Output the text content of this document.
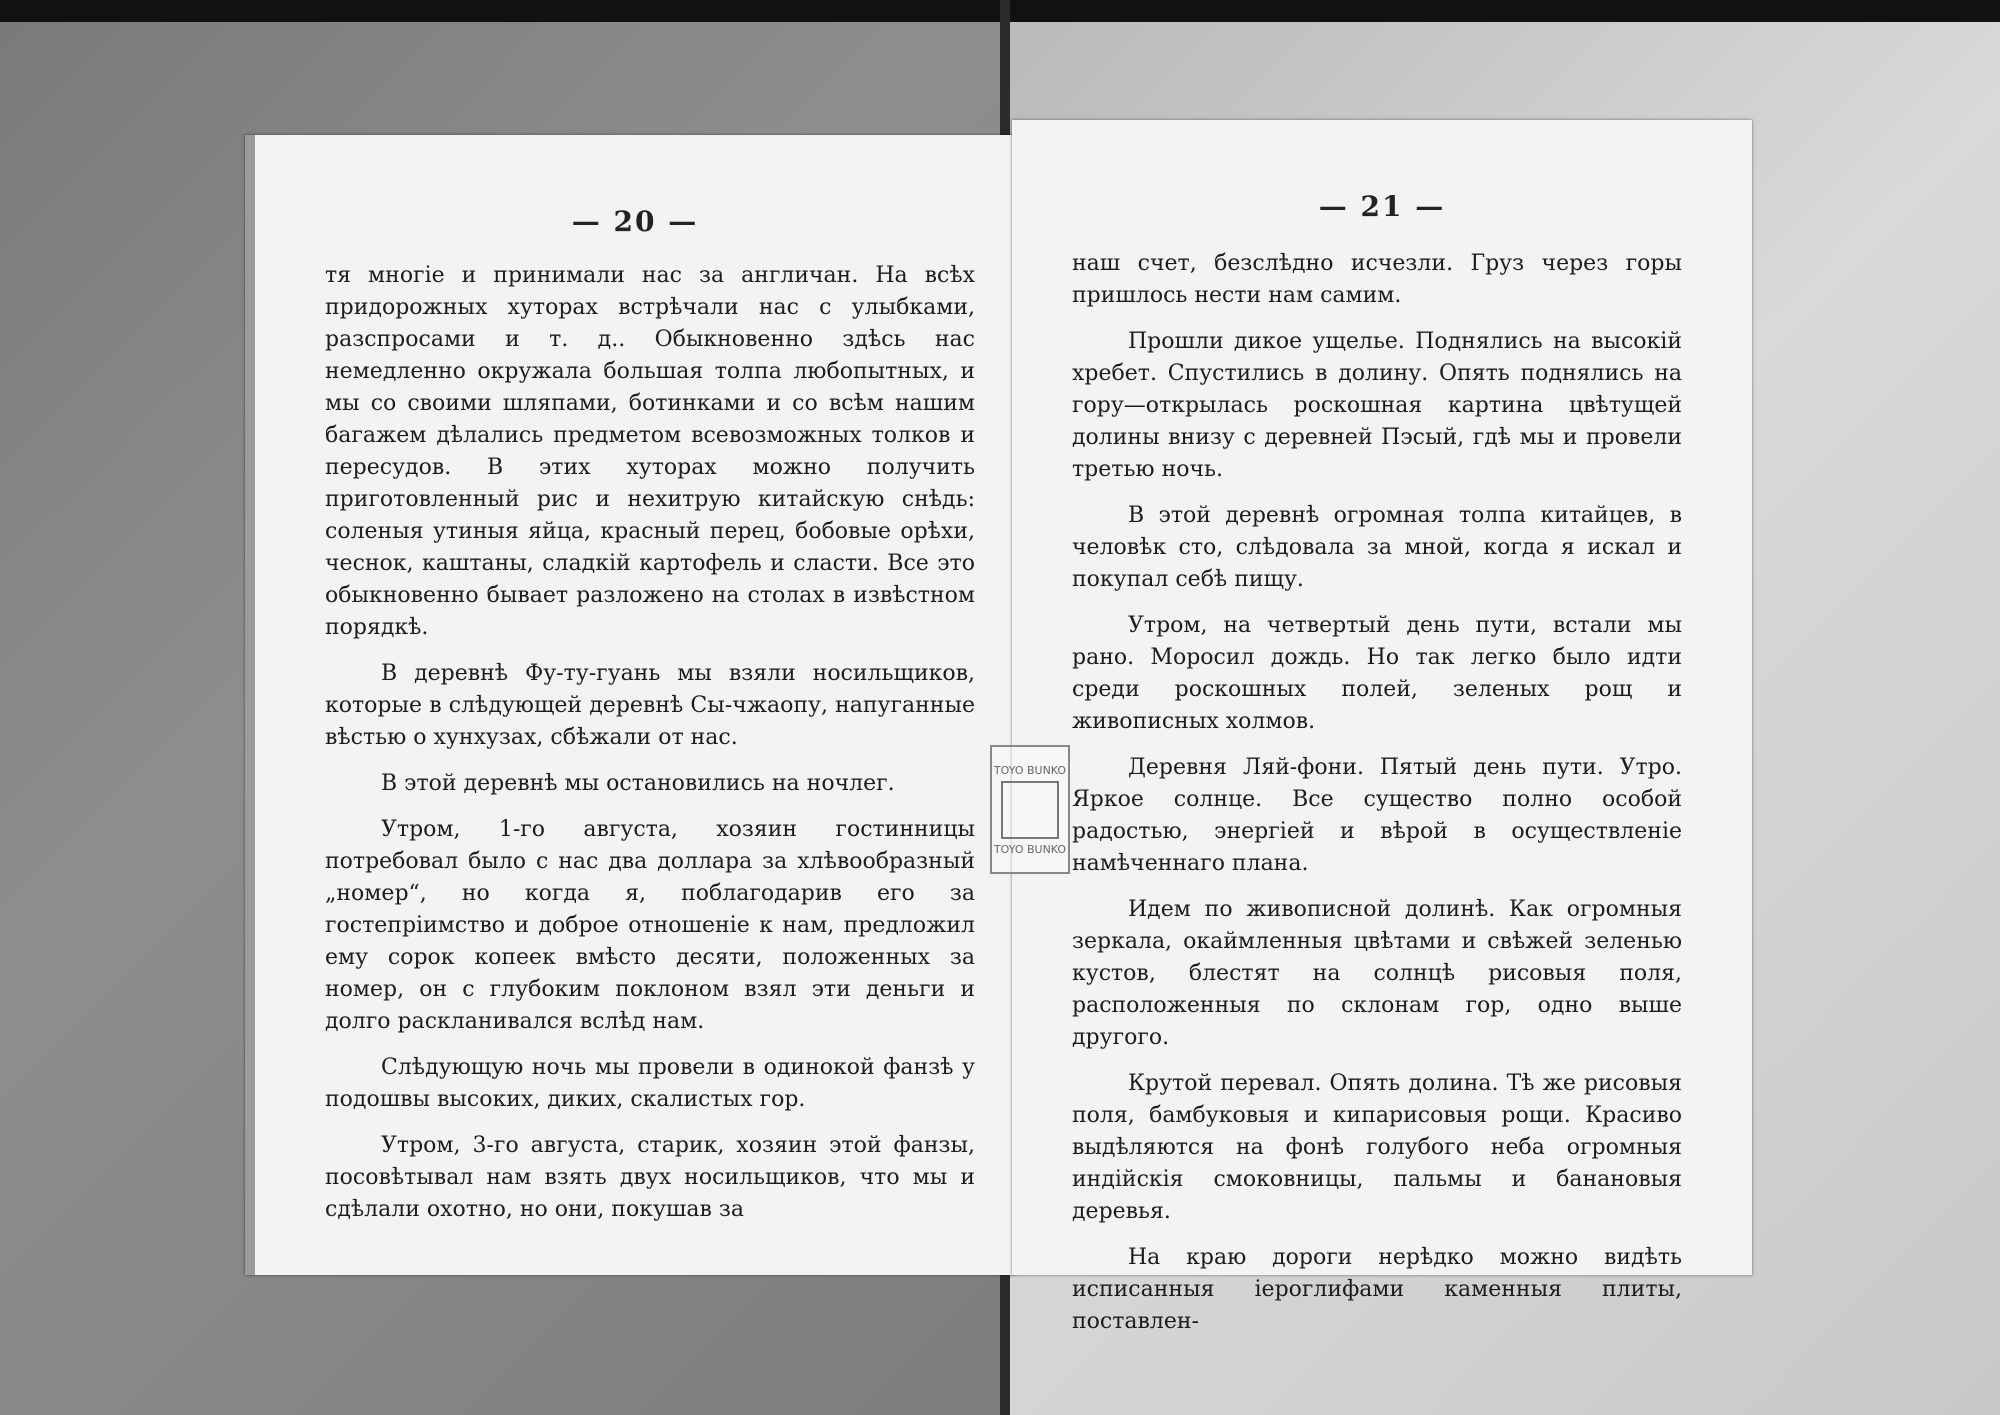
— 20 —

тя многіе и принимали нас за англичан. На всѣх придорожных хуторах встрѣчали нас с улыбками, разспросами и т. д.. Обыкновенно здѣсь нас немедленно окружала большая толпа любопытных, и мы со своими шляпами, ботинками и со всѣм нашим багажем дѣлались предметом всевозможных толков и пересудов. В этих хуторах можно получить приготовленный рис и нехитрую китайскую снѣдь: соленыя утиныя яйца, красный перец, бобовые орѣхи, чеснок, каштаны, сладкій картофель и сласти. Все это обыкновенно бывает разложено на столах в извѣстном порядкѣ.

В деревнѣ Фу-ту-гуань мы взяли носильщиков, которые в слѣдующей деревнѣ Сы-чжаопу, напуганные вѣстью о хунхузах, сбѣжали от нас.

В этой деревнѣ мы остановились на ночлег.

Утром, 1-го августа, хозяин гостинницы потребовал было с нас два доллара за хлѣвообразный „номер“, но когда я, поблагодарив его за гостепріимство и доброе отношеніе к нам, предложил ему сорок копеек вмѣсто десяти, положенных за номер, он с глубоким поклоном взял эти деньги и долго раскланивался вслѣд нам.

Слѣдующую ночь мы провели в одинокой фанзѣ у подошвы высоких, диких, скалистых гор.

Утром, 3-го августа, старик, хозяин этой фанзы, посовѣтывал нам взять двух носильщиков, что мы и сдѣлали охотно, но они, покушав за

— 21 —

наш счет, безслѣдно исчезли. Груз через горы пришлось нести нам самим.

Прошли дикое ущелье. Поднялись на высокій хребет. Спустились в долину. Опять поднялись на гору—открылась роскошная картина цвѣтущей долины внизу с деревней Пэсый, гдѣ мы и провели третью ночь.

В этой деревнѣ огромная толпа китайцев, в человѣк сто, слѣдовала за мной, когда я искал и покупал себѣ пищу.

Утром, на четвертый день пути, встали мы рано. Моросил дождь. Но так легко было идти среди роскошных полей, зеленых рощ и живописных холмов.

Деревня Ляй-фони. Пятый день пути. Утро. Яркое солнце. Все существо полно особой радостью, энергіей и вѣрой в осуществленіе намѣченнаго плана.

Идем по живописной долинѣ. Как огромныя зеркала, окаймленныя цвѣтами и свѣжей зеленью кустов, блестят на солнцѣ рисовыя поля, расположенныя по склонам гор, одно выше другого.

Крутой перевал. Опять долина. Тѣ же рисовыя поля, бамбуковыя и кипарисовыя рощи. Красиво выдѣляются на фонѣ голубого неба огромныя индійскія смоковницы, пальмы и банановыя деревья.

На краю дороги нерѣдко можно видѣть исписанныя іероглифами каменныя плиты, поставлен-

TOYO BUNKO
TOYO BUNKO
